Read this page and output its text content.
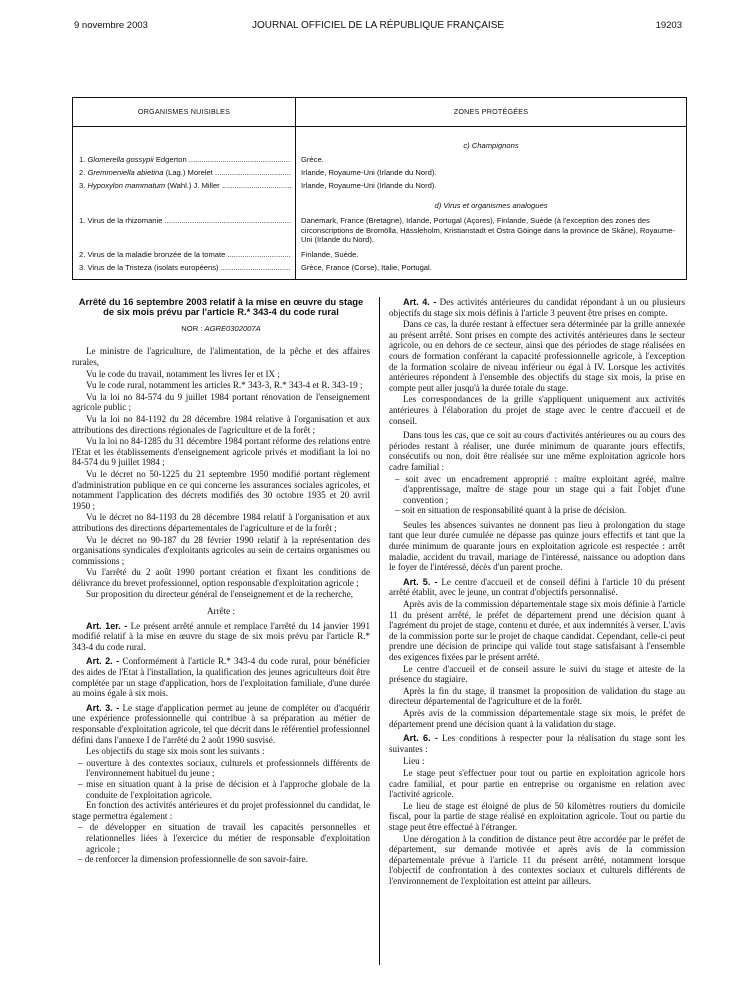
9 novembre 2003	JOURNAL OFFICIEL DE LA RÉPUBLIQUE FRANÇAISE	19203
ORGANISMES NUISIBLES	ZONES PROTÉGÉES
c) Champignons
1. Glomerella gossypii Edgerton .....	Grèce.
2. Gremmeniella abietina (Lag.) Morelet .....	Irlande, Royaume-Uni (Irlande du Nord).
3. Hypoxylon mammatum (Wahl.) J. Miller .....	Irlande, Royaume-Uni (Irlande du Nord).
d) Virus et organismes analogues
1. Virus de la rhizomanie .....	Danemark, France (Bretagne), Irlande, Portugal (Açores), Finlande, Suède (à l'exception des zones des circonscriptions de Bromölla, Hässleholm, Kristianstadt et Östra Göinge dans la province de Skåne), Royaume-Uni (Irlande du Nord).
2. Virus de la maladie bronzée de la tomate .....	Finlande, Suède.
3. Virus de la Tristeza (isolats européens) .....	Grèce, France (Corse), Italie, Portugal.

Arrêté du 16 septembre 2003 relatif à la mise en œuvre du stage de six mois prévu par l'article R.* 343-4 du code rural

NOR : AGRE0302007A

Le ministre de l'agriculture, de l'alimentation, de la pêche et des affaires rurales,

Vu le code du travail, notamment les livres Ier et IX ;

Vu le code rural, notamment les articles R.* 343-3, R.* 343-4 et R. 343-19 ;

Vu la loi no 84-574 du 9 juillet 1984 portant rénovation de l'enseignement agricole public ;

Vu la loi no 84-1192 du 28 décembre 1984 relative à l'organisation et aux attributions des directions régionales de l'agriculture et de la forêt ;

Vu la loi no 84-1285 du 31 décembre 1984 portant réforme des relations entre l'Etat et les établissements d'enseignement agricole privés et modifiant la loi no 84-574 du 9 juillet 1984 ;

Vu le décret no 50-1225 du 21 septembre 1950 modifié portant règlement d'administration publique en ce qui concerne les assurances sociales agricoles, et notamment l'application des décrets modifiés des 30 octobre 1935 et 20 avril 1950 ;

Vu le décret no 84-1193 du 28 décembre 1984 relatif à l'organisation et aux attributions des directions départementales de l'agriculture et de la forêt ;

Vu le décret no 90-187 du 28 février 1990 relatif à la représentation des organisations syndicales d'exploitants agricoles au sein de certains organismes ou commissions ;

Vu l'arrêté du 2 août 1990 portant création et fixant les conditions de délivrance du brevet professionnel, option responsable d'exploitation agricole ;

Sur proposition du directeur général de l'enseignement et de la recherche,

Arrête :

Art. 1er. - Le présent arrêté annule et remplace l'arrêté du 14 janvier 1991 modifié relatif à la mise en œuvre du stage de six mois prévu par l'article R.* 343-4 du code rural.

Art. 2. - Conformément à l'article R.* 343-4 du code rural, pour bénéficier des aides de l'Etat à l'installation, la qualification des jeunes agriculteurs doit être complétée par un stage d'application, hors de l'exploitation familiale, d'une durée au moins égale à six mois.

Art. 3. - Le stage d'application permet au jeune de compléter ou d'acquérir une expérience professionnelle qui contribue à sa préparation au métier de responsable d'exploitation agricole, tel que décrit dans le référentiel professionnel défini dans l'annexe I de l'arrêté du 2 août 1990 susvisé.

Les objectifs du stage six mois sont les suivants :

– ouverture à des contextes sociaux, culturels et professionnels différents de l'environnement habituel du jeune ;

– mise en situation quant à la prise de décision et à l'approche globale de la conduite de l'exploitation agricole.

En fonction des activités antérieures et du projet professionnel du candidat, le stage permettra également :

– de développer en situation de travail les capacités personnelles et relationnelles liées à l'exercice du métier de responsable d'exploitation agricole ;

– de renforcer la dimension professionnelle de son savoir-faire.

Art. 4. - Des activités antérieures du candidat répondant à un ou plusieurs objectifs du stage six mois définis à l'article 3 peuvent être prises en compte.

Dans ce cas, la durée restant à effectuer sera déterminée par la grille annexée au présent arrêté. Sont prises en compte des activités antérieures dans le secteur agricole, ou en dehors de ce secteur, ainsi que des périodes de stage réalisées en cours de formation conférant la capacité professionnelle agricole, à l'exception de la formation scolaire de niveau inférieur ou égal à IV. Lorsque les activités antérieures répondent à l'ensemble des objectifs du stage six mois, la prise en compte peut aller jusqu'à la durée totale du stage.

Les correspondances de la grille s'appliquent uniquement aux activités antérieures à l'élaboration du projet de stage avec le centre d'accueil et de conseil.

Dans tous les cas, que ce soit au cours d'activités antérieures ou au cours des périodes restant à réaliser, une durée minimum de quarante jours effectifs, consécutifs ou non, doit être réalisée sur une même exploitation agricole hors cadre familial :

– soit avec un encadrement approprié : maître exploitant agréé, maître d'apprentissage, maître de stage pour un stage qui a fait l'objet d'une convention ;

– soit en situation de responsabilité quant à la prise de décision.

Seules les absences suivantes ne donnent pas lieu à prolongation du stage tant que leur durée cumulée ne dépasse pas quinze jours effectifs et tant que la durée minimum de quarante jours en exploitation agricole est respectée : arrêt maladie, accident du travail, mariage de l'intéressé, naissance ou adoption dans le foyer de l'intéressé, décès d'un parent proche.

Art. 5. - Le centre d'accueil et de conseil défini à l'article 10 du présent arrêté établit, avec le jeune, un contrat d'objectifs personnalisé.

Après avis de la commission départementale stage six mois définie à l'article 11 du présent arrêté, le préfet de département prend une décision quant à l'agrément du projet de stage, contenu et durée, et aux indemnités à verser. L'avis de la commission porte sur le projet de chaque candidat. Cependant, celle-ci peut prendre une décision de principe qui valide tout stage satisfaisant à l'ensemble des exigences fixées par le présent arrêté.

Le centre d'accueil et de conseil assure le suivi du stage et atteste de la présence du stagiaire.

Après la fin du stage, il transmet la proposition de validation du stage au directeur départemental de l'agriculture et de la forêt.

Après avis de la commission départementale stage six mois, le préfet de département prend une décision quant à la validation du stage.

Art. 6. - Les conditions à respecter pour la réalisation du stage sont les suivantes :

Lieu :

Le stage peut s'effectuer pour tout ou partie en exploitation agricole hors cadre familial, et pour partie en entreprise ou organisme en relation avec l'activité agricole.

Le lieu de stage est éloigné de plus de 50 kilomètres routiers du domicile fiscal, pour la partie de stage réalisé en exploitation agricole. Tout ou partie du stage peut être effectué à l'étranger.

Une dérogation à la condition de distance peut être accordée par le préfet de département, sur demande motivée et après avis de la commission départementale prévue à l'article 11 du présent arrêté, notamment lorsque l'objectif de confrontation à des contextes sociaux et culturels différents de l'environnement de l'exploitation est atteint par ailleurs.
